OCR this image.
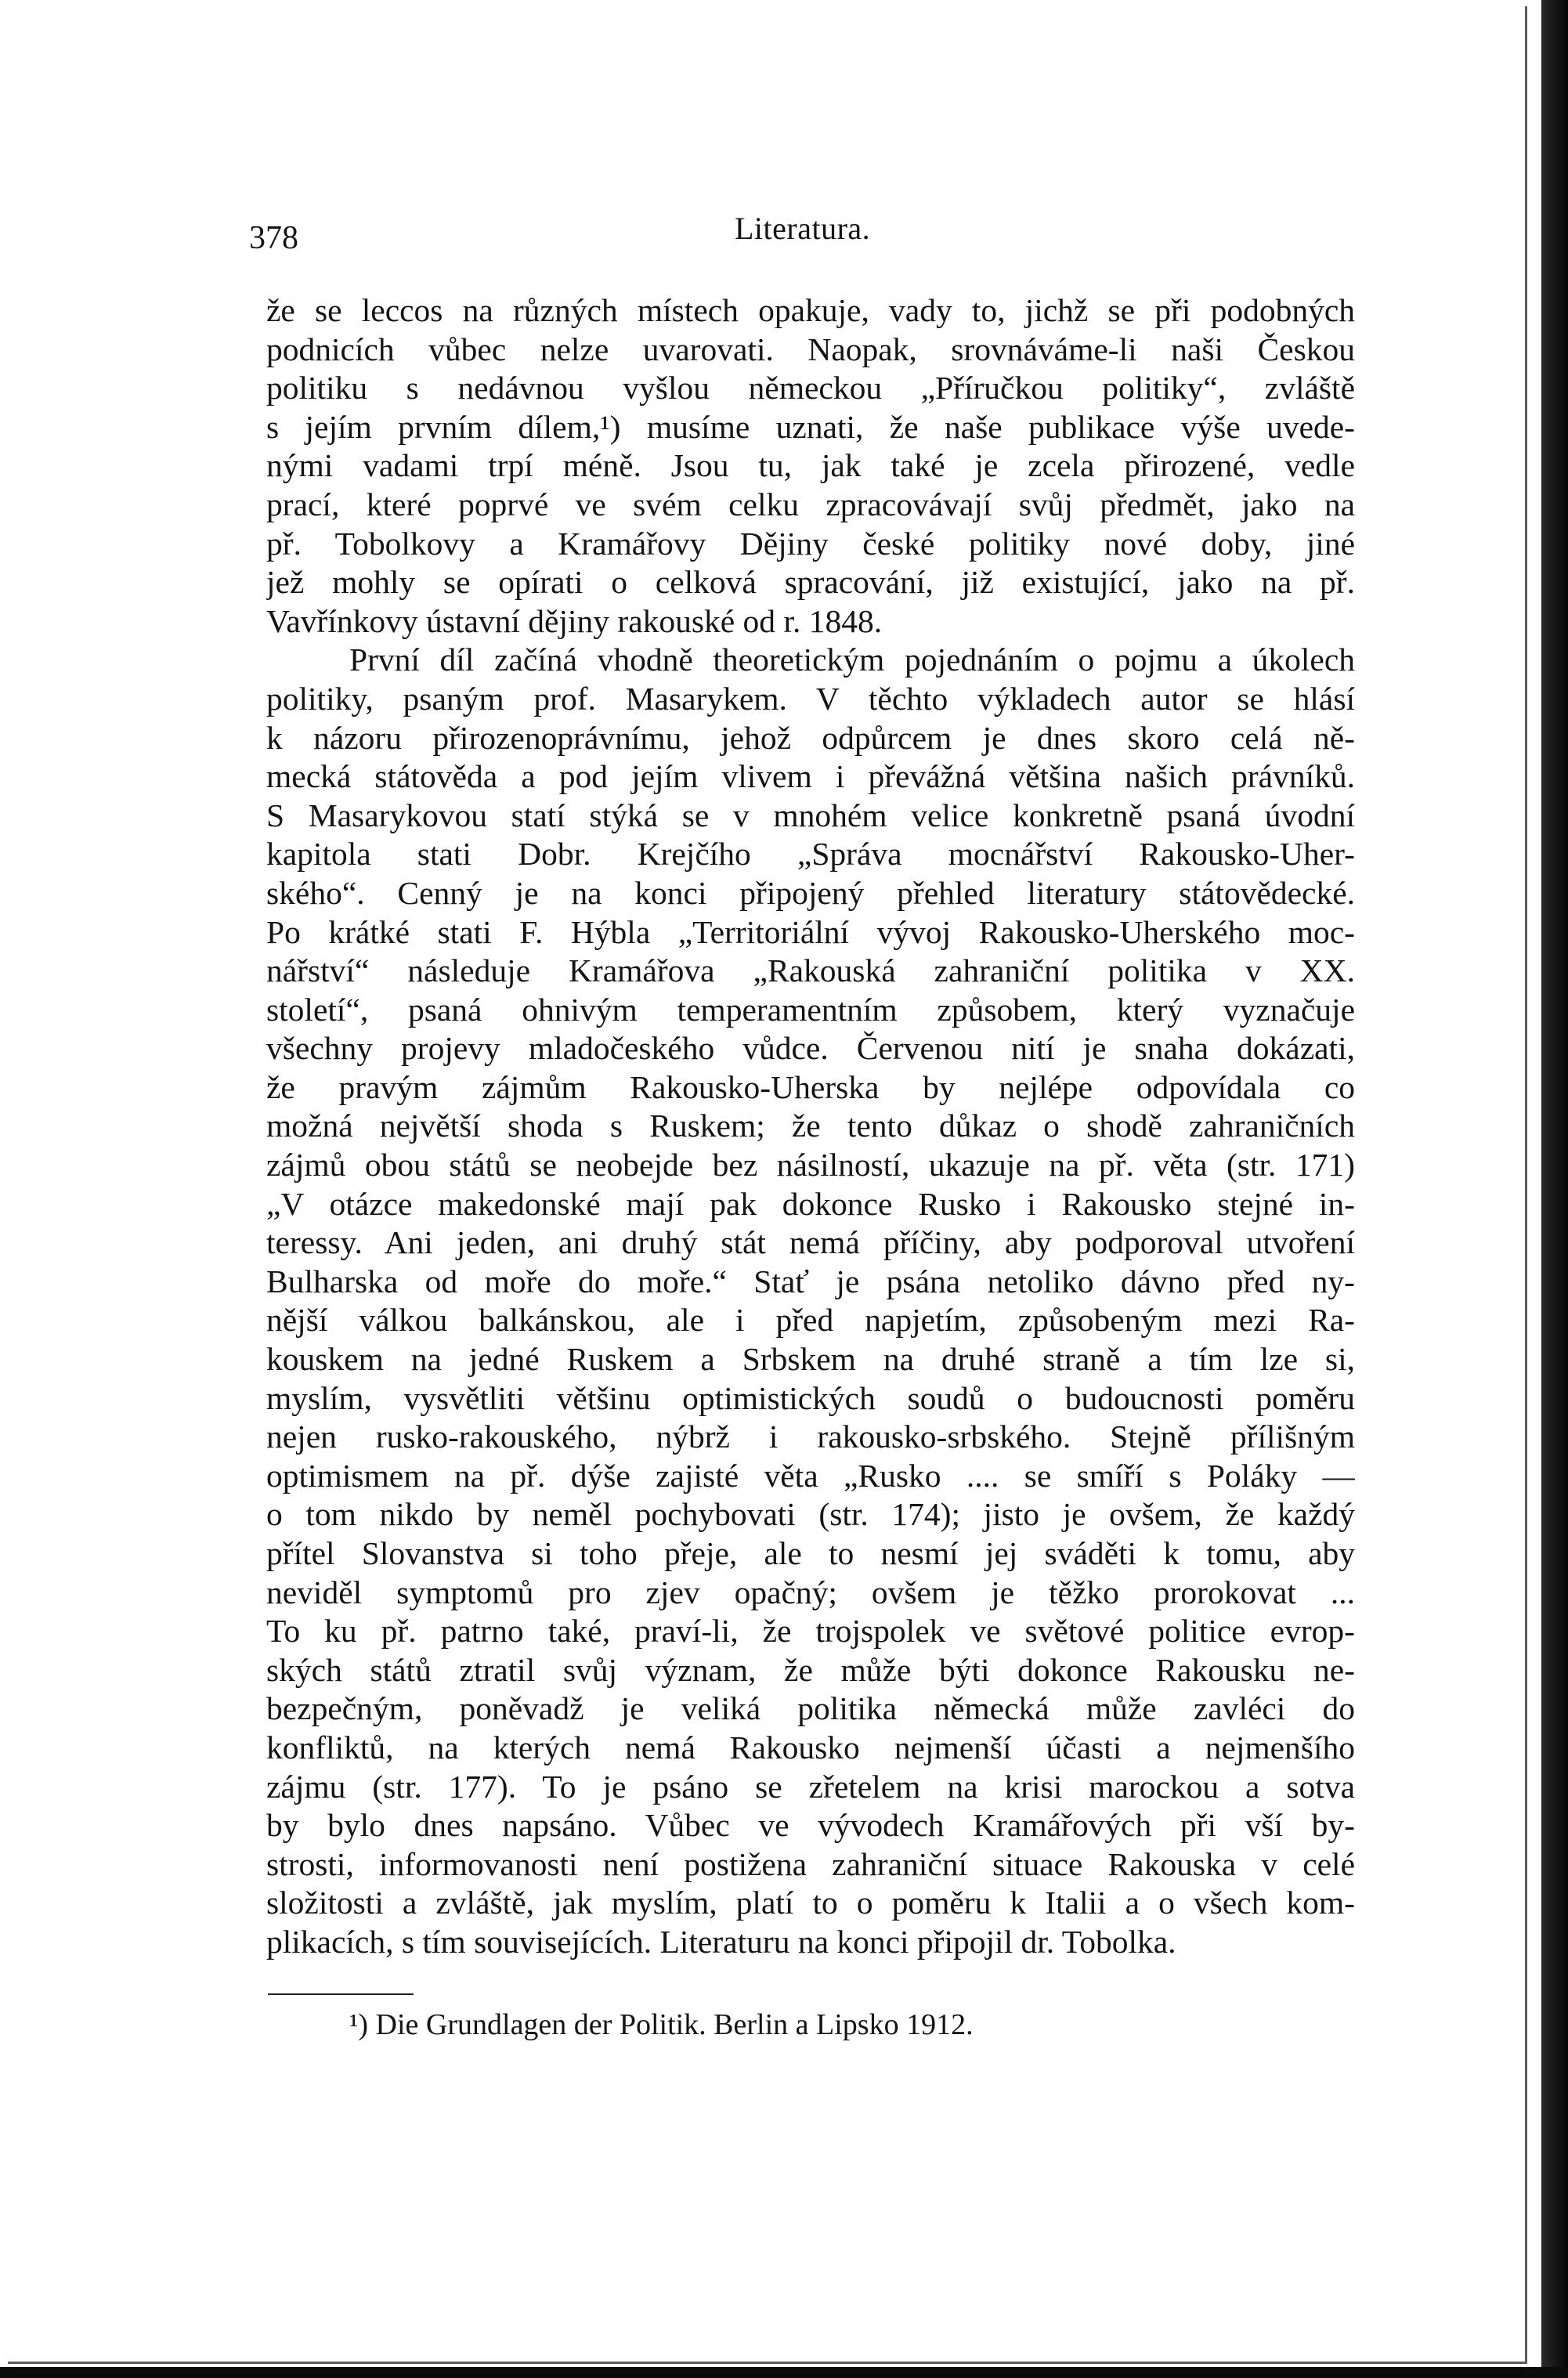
378	Literatura.
že se leccos na různých místech opakuje, vady to, jichž se při podobných
podnicích vůbec nelze uvarovati. Naopak, srovnáváme-li naši Českou
politiku s nedávnou vyšlou německou „Příručkou politiky“, zvláště
s jejím prvním dílem,¹) musíme uznati, že naše publikace výše uvede-
nými vadami trpí méně. Jsou tu, jak také je zcela přirozené, vedle
prací, které poprvé ve svém celku zpracovávají svůj předmět, jako na
př. Tobolkovy a Kramářovy Dějiny české politiky nové doby, jiné
jež mohly se opírati o celková spracování, již existující, jako na př.
Vavřínkovy ústavní dějiny rakouské od r. 1848.
První díl začíná vhodně theoretickým pojednáním o pojmu a úkolech
politiky, psaným prof. Masarykem. V těchto výkladech autor se hlásí
k názoru přirozenoprávnímu, jehož odpůrcem je dnes skoro celá ně-
mecká státověda a pod jejím vlivem i převážná většina našich právníků.
S Masarykovou statí stýká se v mnohém velice konkretně psaná úvodní
kapitola stati Dobr. Krejčího „Správa mocnářství Rakousko-Uher-
ského“. Cenný je na konci připojený přehled literatury státovědecké.
Po krátké stati F. Hýbla „Territoriální vývoj Rakousko-Uherského moc-
nářství“ následuje Kramářova „Rakouská zahraniční politika v XX.
století“, psaná ohnivým temperamentním způsobem, který vyznačuje
všechny projevy mladočeského vůdce. Červenou nití je snaha dokázati,
že pravým zájmům Rakousko-Uherska by nejlépe odpovídala co
možná největší shoda s Ruskem; že tento důkaz o shodě zahraničních
zájmů obou států se neobejde bez násilností, ukazuje na př. věta (str. 171)
„V otázce makedonské mají pak dokonce Rusko i Rakousko stejné in-
teressy. Ani jeden, ani druhý stát nemá příčiny, aby podporoval utvoření
Bulharska od moře do moře.“ Stať je psána netoliko dávno před ny-
nější válkou balkánskou, ale i před napjetím, způsobeným mezi Ra-
kouskem na jedné Ruskem a Srbskem na druhé straně a tím lze si,
myslím, vysvětliti většinu optimistických soudů o budoucnosti poměru
nejen rusko-rakouského, nýbrž i rakousko-srbského. Stejně přílišným
optimismem na př. dýše zajisté věta „Rusko .... se smíří s Poláky —
o tom nikdo by neměl pochybovati (str. 174); jisto je ovšem, že každý
přítel Slovanstva si toho přeje, ale to nesmí jej sváděti k tomu, aby
neviděl symptomů pro zjev opačný; ovšem je těžko prorokovat ...
To ku př. patrno také, praví-li, že trojspolek ve světové politice evrop-
ských států ztratil svůj význam, že může býti dokonce Rakousku ne-
bezpečným, poněvadž je veliká politika německá může zavléci do
konfliktů, na kterých nemá Rakousko nejmenší účasti a nejmenšího
zájmu (str. 177). To je psáno se zřetelem na krisi marockou a sotva
by bylo dnes napsáno. Vůbec ve vývodech Kramářových při vší by-
strosti, informovanosti není postižena zahraniční situace Rakouska v celé
složitosti a zvláště, jak myslím, platí to o poměru k Italii a o všech kom-
plikacích, s tím souvisejících. Literaturu na konci připojil dr. Tobolka.
¹) Die Grundlagen der Politik. Berlin a Lipsko 1912.
